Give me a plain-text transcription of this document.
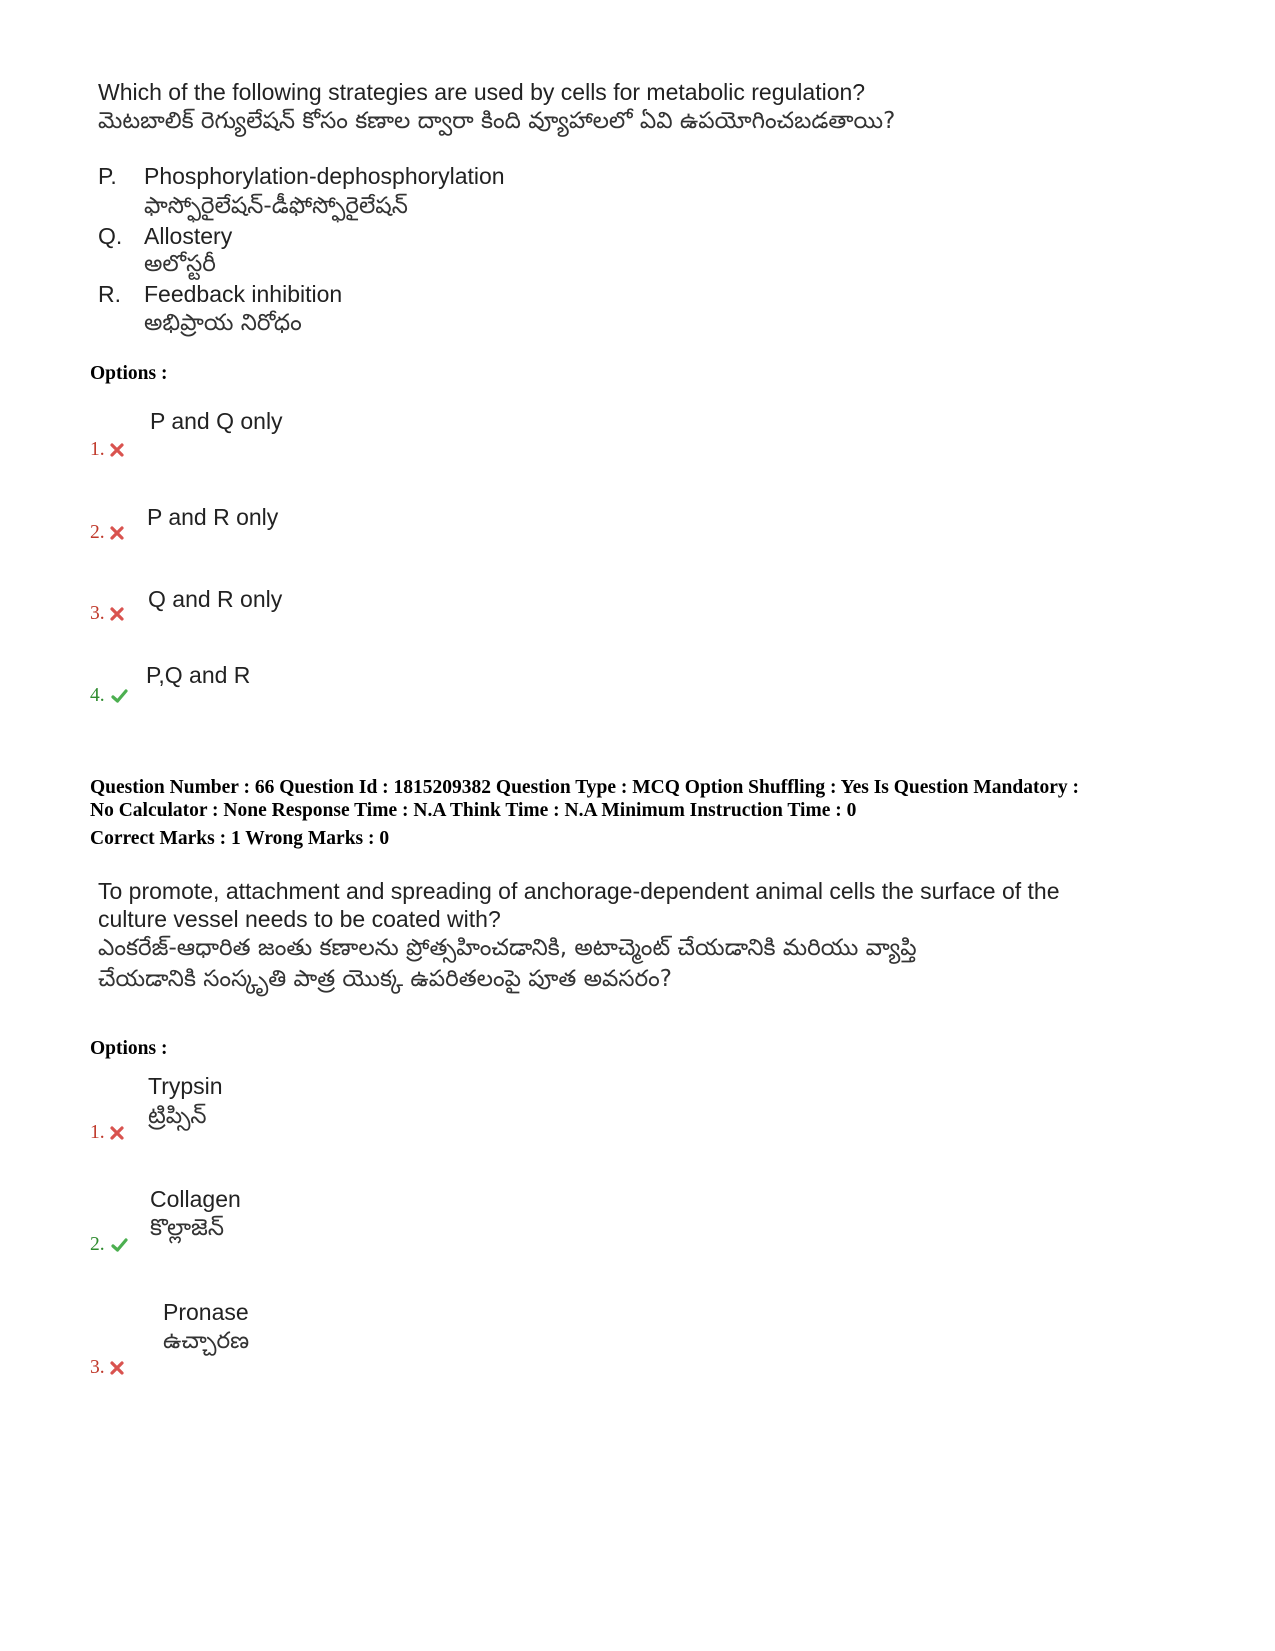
Which of the following strategies are used by cells for metabolic regulation?
మెటబాలిక్ రెగ్యులేషన్ కోసం కణాల ద్వారా కింది వ్యూహాలలో ఏవి ఉపయోగించబడతాయి?
P. Phosphorylation-dephosphorylation
ఫాస్ఫోరైలేషన్-డీఫోస్ఫోరైలేషన్
Q. Allostery
అలోస్టరీ
R. Feedback inhibition
అభిప్రాయ నిరోధం
Options :
P and Q only
1.
P and R only
2.
Q and R only
3.
P,Q and R
4.
Question Number : 66 Question Id : 1815209382 Question Type : MCQ Option Shuffling : Yes Is Question Mandatory :
No Calculator : None Response Time : N.A Think Time : N.A Minimum Instruction Time : 0
Correct Marks : 1 Wrong Marks : 0
To promote, attachment and spreading of anchorage-dependent animal cells the surface of the
culture vessel needs to be coated with?
ఎంకరేజ్-ఆధారిత జంతు కణాలను ప్రోత్సహించడానికి, అటాచ్మెంట్ చేయడానికి మరియు వ్యాప్తి
చేయడానికి సంస్కృతి పాత్ర యొక్క ఉపరితలంపై పూత అవసరం?
Options :
Trypsin
ట్రిప్సిన్
1.
Collagen
కొల్లాజెన్
2.
Pronase
ఉచ్చారణ
3.
